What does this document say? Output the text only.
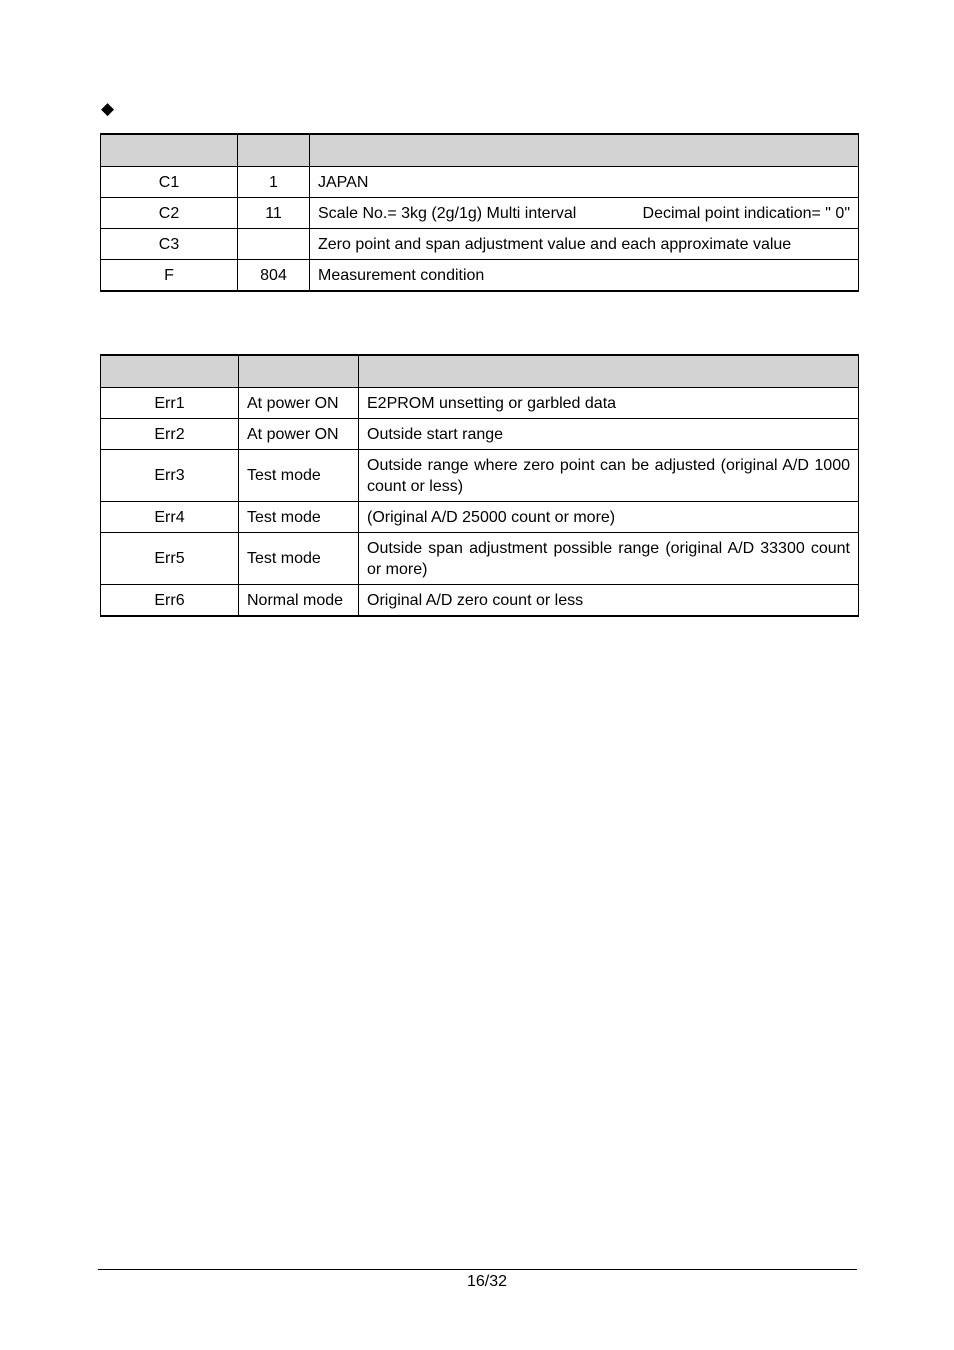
◆

C1	1	JAPAN
C2	11	Scale No.= 3kg (2g/1g) Multi interval Decimal point indication= " 0"

C3		Zero point and span adjustment value and each approximate value
F	804	Measurement condition

Err1	At power ON	E2PROM unsetting or garbled data
Err2	At power ON	Outside start range
Err3	Test mode	Outside range where zero point can be adjusted (original A/D 1000 count or less)
Err4	Test mode	(Original A/D 25000 count or more)
Err5	Test mode	Outside span adjustment possible range (original A/D 33300 count or more)
Err6	Normal mode	Original A/D zero count or less
16/32
